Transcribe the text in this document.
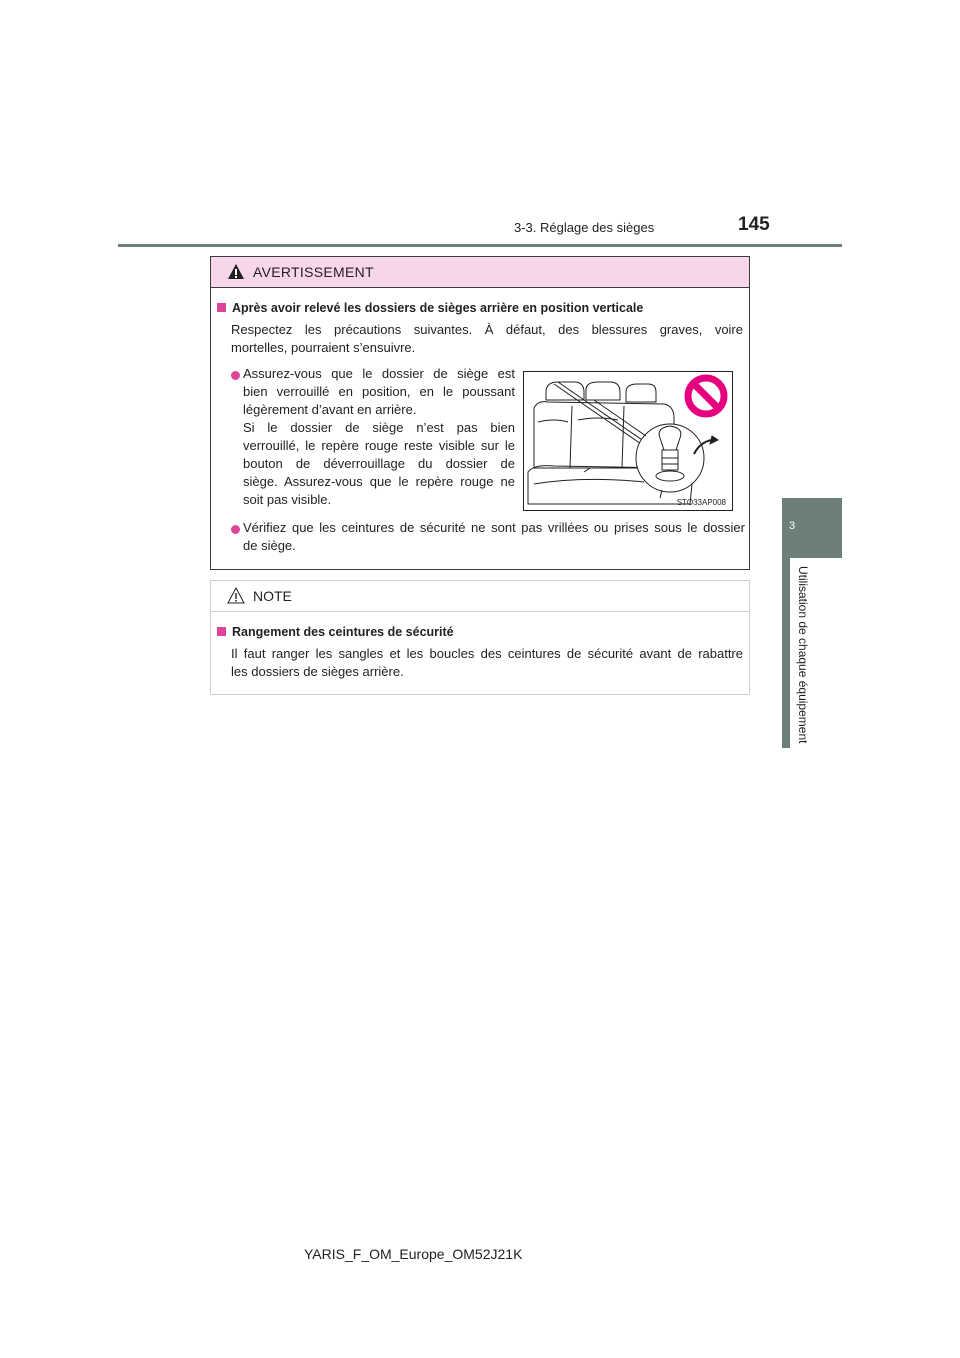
3-3. Réglage des sièges	145
3
Utilisation de chaque équipement
AVERTISSEMENT
Après avoir relevé les dossiers de sièges arrière en position verticale
Respectez les précautions suivantes. À défaut, des blessures graves, voire
mortelles, pourraient s’ensuivre.
Assurez-vous que le dossier de siège est
bien verrouillé en position, en le poussant
légèrement d’avant en arrière.
Si le dossier de siège n’est pas bien
verrouillé, le repère rouge reste visible sur le
bouton de déverrouillage du dossier de
siège. Assurez-vous que le repère rouge ne
soit pas visible.	STO33AP008
Vérifiez que les ceintures de sécurité ne sont pas vrillées ou prises sous le dossier
de siège.
NOTE
Rangement des ceintures de sécurité
Il faut ranger les sangles et les boucles des ceintures de sécurité avant de rabattre
les dossiers de sièges arrière.
YARIS_F_OM_Europe_OM52J21K
